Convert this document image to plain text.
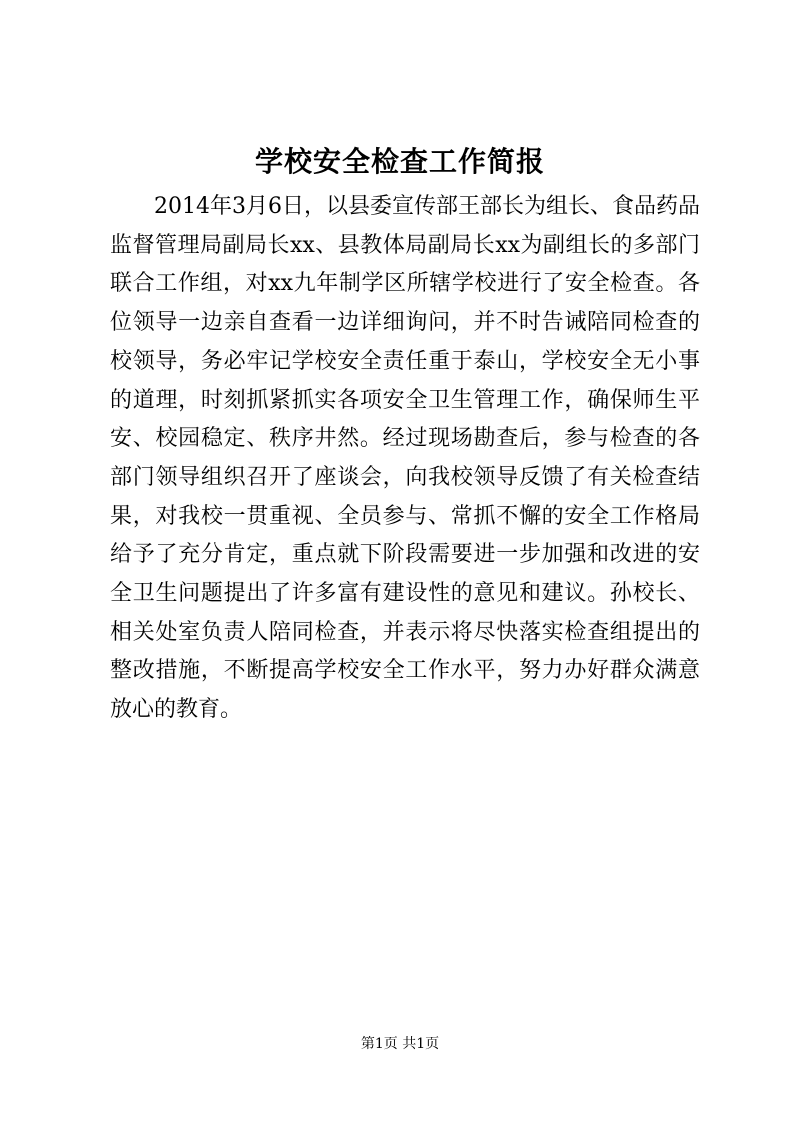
学校安全检查工作简报

2014年3月6日，以县委宣传部王部长为组长、食品药品监督管理局副局长xx、县教体局副局长xx为副组长的多部门联合工作组，对xx九年制学区所辖学校进行了安全检查。各位领导一边亲自查看一边详细询问，并不时告诫陪同检查的校领导，务必牢记学校安全责任重于泰山，学校安全无小事的道理，时刻抓紧抓实各项安全卫生管理工作，确保师生平安、校园稳定、秩序井然。经过现场勘查后，参与检查的各部门领导组织召开了座谈会，向我校领导反馈了有关检查结果，对我校一贯重视、全员参与、常抓不懈的安全工作格局给予了充分肯定，重点就下阶段需要进一步加强和改进的安全卫生问题提出了许多富有建设性的意见和建议。孙校长、相关处室负责人陪同检查，并表示将尽快落实检查组提出的整改措施，不断提高学校安全工作水平，努力办好群众满意放心的教育。

第1页 共1页
